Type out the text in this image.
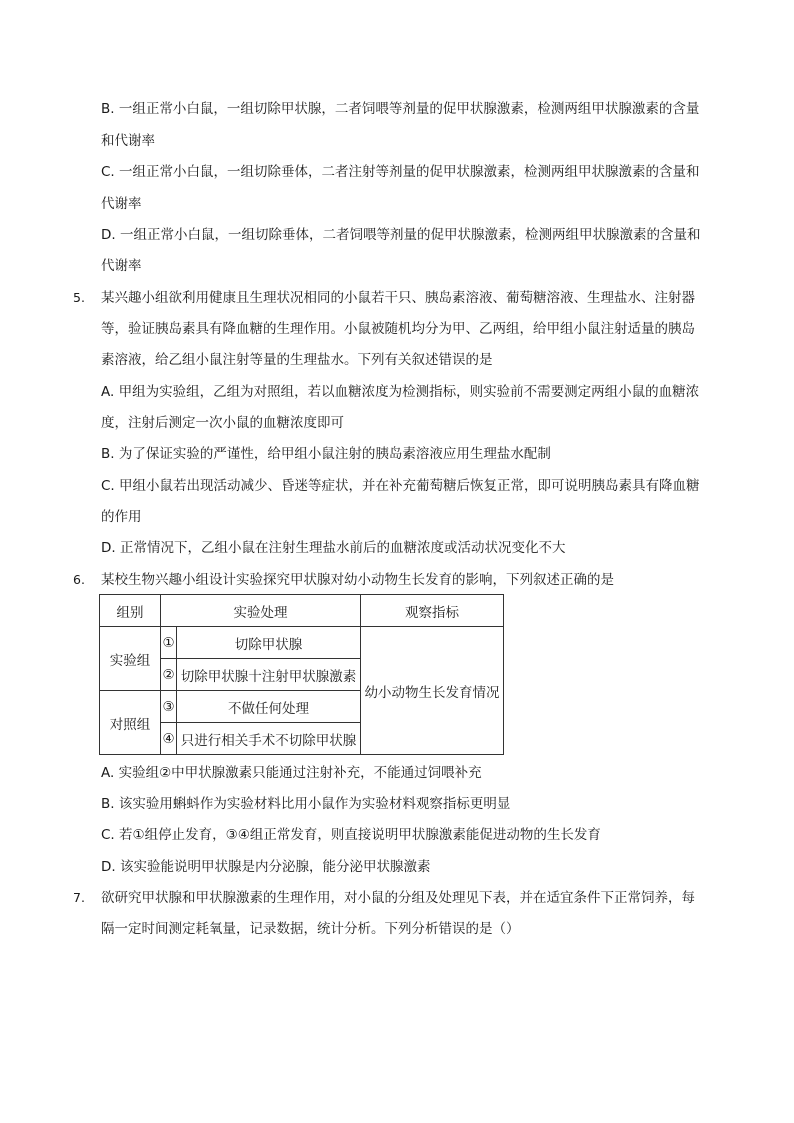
B. 一组正常小白鼠，一组切除甲状腺，二者饲喂等剂量的促甲状腺激素，检测两组甲状腺激素的含量
和代谢率
C. 一组正常小白鼠，一组切除垂体，二者注射等剂量的促甲状腺激素，检测两组甲状腺激素的含量和
代谢率
D. 一组正常小白鼠，一组切除垂体，二者饲喂等剂量的促甲状腺激素，检测两组甲状腺激素的含量和
代谢率
5. 某兴趣小组欲利用健康且生理状况相同的小鼠若干只、胰岛素溶液、葡萄糖溶液、生理盐水、注射器
等，验证胰岛素具有降血糖的生理作用。小鼠被随机均分为甲、乙两组，给甲组小鼠注射适量的胰岛
素溶液，给乙组小鼠注射等量的生理盐水。下列有关叙述错误的是
A. 甲组为实验组，乙组为对照组，若以血糖浓度为检测指标，则实验前不需要测定两组小鼠的血糖浓
度，注射后测定一次小鼠的血糖浓度即可
B. 为了保证实验的严谨性，给甲组小鼠注射的胰岛素溶液应用生理盐水配制
C. 甲组小鼠若出现活动减少、昏迷等症状，并在补充葡萄糖后恢复正常，即可说明胰岛素具有降血糖
的作用
D. 正常情况下，乙组小鼠在注射生理盐水前后的血糖浓度或活动状况变化不大
6. 某校生物兴趣小组设计实验探究甲状腺对幼小动物生长发育的影响，下列叙述正确的是
组别	实验处理		观察指标
实验组	①	切除甲状腺	幼小动物生长发育情况
	②	切除甲状腺十注射甲状腺激素	
对照组	③	不做任何处理	
	④	只进行相关手术不切除甲状腺	
A. 实验组②中甲状腺激素只能通过注射补充，不能通过饲喂补充
B. 该实验用蝌蚪作为实验材料比用小鼠作为实验材料观察指标更明显
C. 若①组停止发育，③④组正常发育，则直接说明甲状腺激素能促进动物的生长发育
D. 该实验能说明甲状腺是内分泌腺，能分泌甲状腺激素
7. 欲研究甲状腺和甲状腺激素的生理作用，对小鼠的分组及处理见下表，并在适宜条件下正常饲养，每
隔一定时间测定耗氧量，记录数据，统计分析。下列分析错误的是（）
